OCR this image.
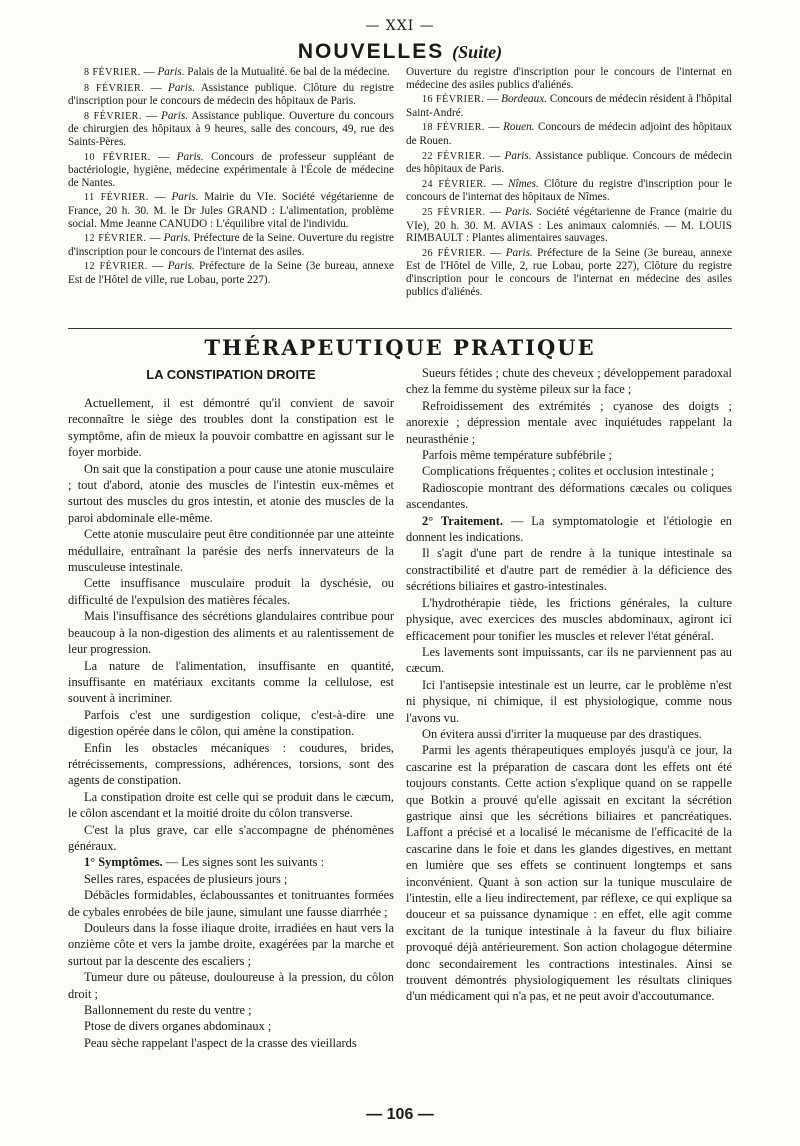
— XXI —
NOUVELLES (Suite)

8 FÉVRIER. — Paris. Palais de la Mutualité. 6e bal de la médecine.

8 FÉVRIER. — Paris. Assistance publique. Clôture du registre d'inscription pour le concours de médecin des hôpitaux de Paris.

8 FÉVRIER. — Paris. Assistance publique. Ouverture du concours de chirurgien des hôpitaux à 9 heures, salle des concours, 49, rue des Saints-Pères.

10 FÉVRIER. — Paris. Concours de professeur suppléant de bactériologie, hygiène, médecine expérimentale à l'École de médecine de Nantes.

11 FÉVRIER. — Paris. Mairie du VIe. Société végétarienne de France, 20 h. 30. M. le Dr Jules GRAND : L'alimentation, problème social. Mme Jeanne CANUDO : L'équilibre vital de l'individu.

12 FÉVRIER. — Paris. Préfecture de la Seine. Ouverture du registre d'inscription pour le concours de l'internat des asiles.

12 FÉVRIER. — Paris. Préfecture de la Seine (3e bureau, annexe Est de l'Hôtel de ville, rue Lobau, porte 227).

Ouverture du registre d'inscription pour le concours de l'internat en médecine des asiles publics d'aliénés.

16 FÉVRIER. — Bordeaux. Concours de médecin résident à l'hôpital Saint-André.

18 FÉVRIER. — Rouen. Concours de médecin adjoint des hôpitaux de Rouen.

22 FÉVRIER. — Paris. Assistance publique. Concours de médecin des hôpitaux de Paris.

24 FÉVRIER. — Nîmes. Clôture du registre d'inscription pour le concours de l'internat des hôpitaux de Nîmes.

25 FÉVRIER. — Paris. Société végétarienne de France (mairie du VIe), 20 h. 30. M. AVIAS : Les animaux calomniés. — M. LOUIS RIMBAULT : Plantes alimentaires sauvages.

26 FÉVRIER. — Paris. Préfecture de la Seine (3e bureau, annexe Est de l'Hôtel de Ville, 2, rue Lobau, porte 227), Clôture du registre d'inscription pour le concours de l'internat en médecine des asiles publics d'aliénés.

THÉRAPEUTIQUE PRATIQUE
LA CONSTIPATION DROITE

Actuellement, il est démontré qu'il convient de savoir reconnaître le siège des troubles dont la constipation est le symptôme, afin de mieux la pouvoir combattre en agissant sur le foyer morbide.

On sait que la constipation a pour cause une atonie musculaire ; tout d'abord, atonie des muscles de l'intestin eux-mêmes et surtout des muscles du gros intestin, et atonie des muscles de la paroi abdominale elle-même.

Cette atonie musculaire peut être conditionnée par une atteinte médullaire, entraînant la parésie des nerfs innervateurs de la musculeuse intestinale.

Cette insuffisance musculaire produit la dyschésie, ou difficulté de l'expulsion des matières fécales.

Mais l'insuffisance des sécrétions glandulaires contribue pour beaucoup à la non-digestion des aliments et au ralentissement de leur progression.

La nature de l'alimentation, insuffisante en quantité, insuffisante en matériaux excitants comme la cellulose, est souvent à incriminer.

Parfois c'est une surdigestion colique, c'est-à-dire une digestion opérée dans le côlon, qui amène la constipation.

Enfin les obstacles mécaniques : coudures, brides, rétrécissements, compressions, adhérences, torsions, sont des agents de constipation.

La constipation droite est celle qui se produit dans le cæcum, le côlon ascendant et la moitié droite du côlon transverse.

C'est la plus grave, car elle s'accompagne de phénomènes généraux.

1° Symptômes. — Les signes sont les suivants :

Selles rares, espacées de plusieurs jours ;

Débâcles formidables, éclaboussantes et tonitruantes formées de cybales enrobées de bile jaune, simulant une fausse diarrhée ;

Douleurs dans la fosse iliaque droite, irradiées en haut vers la onzième côte et vers la jambe droite, exagérées par la marche et surtout par la descente des escaliers ;

Tumeur dure ou pâteuse, douloureuse à la pression, du côlon droit ;

Ballonnement du reste du ventre ;

Ptose de divers organes abdominaux ;

Peau sèche rappelant l'aspect de la crasse des vieillards

Sueurs fétides ; chute des cheveux ; développement paradoxal chez la femme du système pileux sur la face ;

Refroidissement des extrémités ; cyanose des doigts ; anorexie ; dépression mentale avec inquiétudes rappelant la neurasthénie ;

Parfois même température subfébrile ;

Complications fréquentes ; colites et occlusion intestinale ;

Radioscopie montrant des déformations cæcales ou coliques ascendantes.

2° Traitement. — La symptomatologie et l'étiologie en donnent les indications.

Il s'agit d'une part de rendre à la tunique intestinale sa constractibilité et d'autre part de remédier à la déficience des sécrétions biliaires et gastro-intestinales.

L'hydrothérapie tiède, les frictions générales, la culture physique, avec exercices des muscles abdominaux, agiront ici efficacement pour tonifier les muscles et relever l'état général.

Les lavements sont impuissants, car ils ne parviennent pas au cæcum.

Ici l'antisepsie intestinale est un leurre, car le problème n'est ni physique, ni chimique, il est physiologique, comme nous l'avons vu.

On évitera aussi d'irriter la muqueuse par des drastiques.

Parmi les agents thérapeutiques employés jusqu'à ce jour, la cascarine est la préparation de cascara dont les effets ont été toujours constants. Cette action s'explique quand on se rappelle que Botkin a prouvé qu'elle agissait en excitant la sécrétion gastrique ainsi que les sécrétions biliaires et pancréatiques. Laffont a précisé et a localisé le mécanisme de l'efficacité de la cascarine dans le foie et dans les glandes digestives, en mettant en lumière que ses effets se continuent longtemps et sans inconvénient. Quant à son action sur la tunique musculaire de l'intestin, elle a lieu indirectement, par réflexe, ce qui explique sa douceur et sa puissance dynamique : en effet, elle agit comme excitant de la tunique intestinale à la faveur du flux biliaire provoqué déjà antérieurement. Son action cholagogue détermine donc secondairement les contractions intestinales. Ainsi se trouvent démontrés physiologiquement les résultats cliniques d'un médicament qui n'a pas, et ne peut avoir d'accoutumance.

— 106 —
